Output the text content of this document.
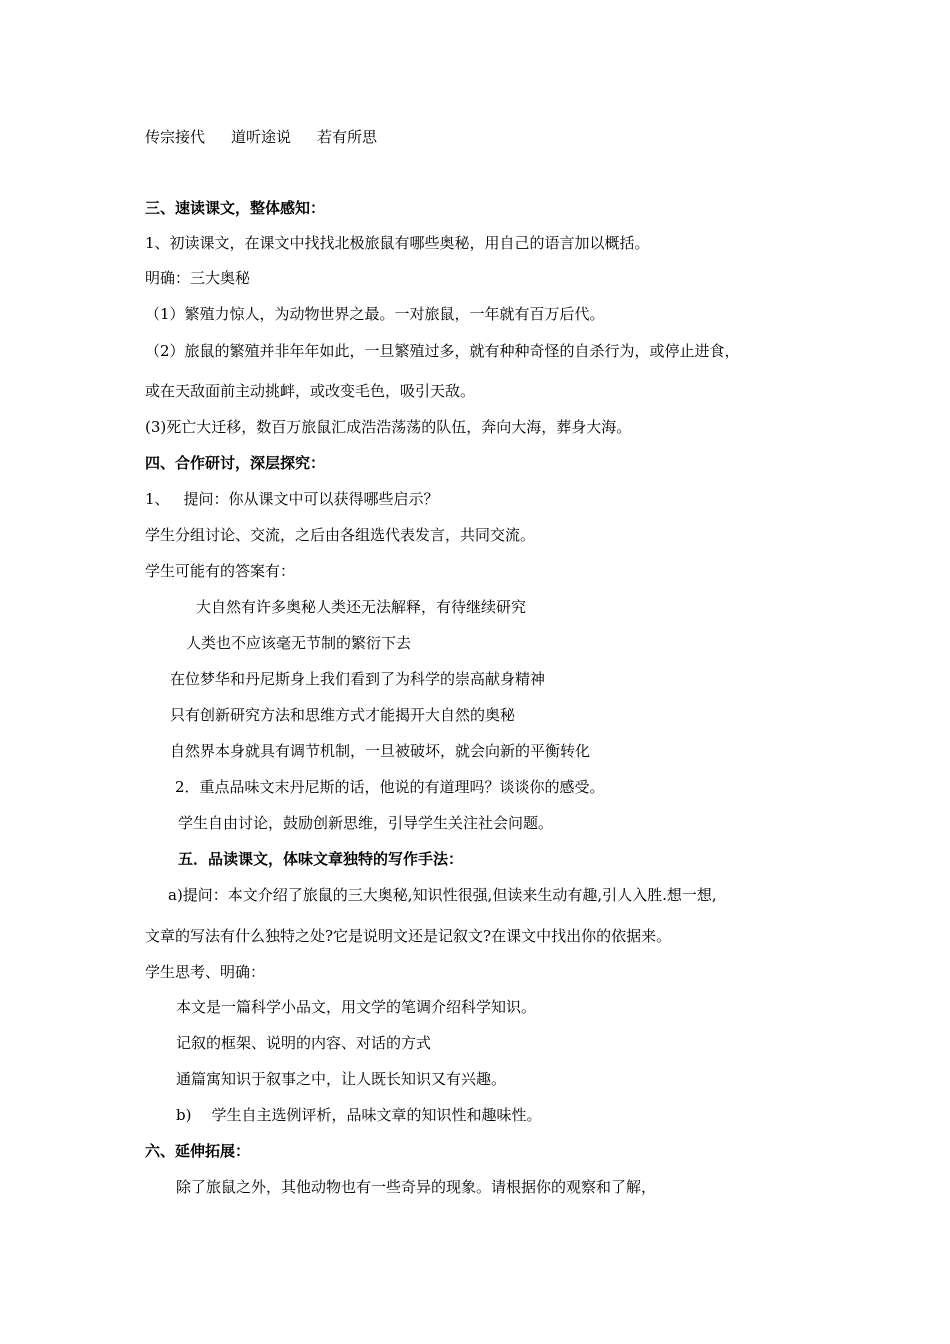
传宗接代 道听途说 若有所思
三、速读课文，整体感知：
1、初读课文，在课文中找找北极旅鼠有哪些奥秘，用自己的语言加以概括。
明确：三大奥秘
（1）繁殖力惊人，为动物世界之最。一对旅鼠，一年就有百万后代。
（2）旅鼠的繁殖并非年年如此，一旦繁殖过多，就有种种奇怪的自杀行为，或停止进食，
或在天敌面前主动挑衅，或改变毛色，吸引天敌。
(3)死亡大迁移，数百万旅鼠汇成浩浩荡荡的队伍，奔向大海，葬身大海。
四、合作研讨，深层探究：
1、 提问：你从课文中可以获得哪些启示？
学生分组讨论、交流，之后由各组选代表发言，共同交流。
学生可能有的答案有：
大自然有许多奥秘人类还无法解释，有待继续研究
人类也不应该毫无节制的繁衍下去
在位梦华和丹尼斯身上我们看到了为科学的崇高献身精神
只有创新研究方法和思维方式才能揭开大自然的奥秘
自然界本身就具有调节机制，一旦被破坏，就会向新的平衡转化
2．重点品味文末丹尼斯的话，他说的有道理吗？谈谈你的感受。
学生自由讨论，鼓励创新思维，引导学生关注社会问题。
五．品读课文，体味文章独特的写作手法：
a)提问：本文介绍了旅鼠的三大奥秘,知识性很强,但读来生动有趣,引人入胜.想一想,
文章的写法有什么独特之处?它是说明文还是记叙文?在课文中找出你的依据来。
学生思考、明确：
本文是一篇科学小品文，用文学的笔调介绍科学知识。
记叙的框架、说明的内容、对话的方式
通篇寓知识于叙事之中，让人既长知识又有兴趣。
b) 学生自主选例评析，品味文章的知识性和趣味性。
六、延伸拓展：
除了旅鼠之外，其他动物也有一些奇异的现象。请根据你的观察和了解，
